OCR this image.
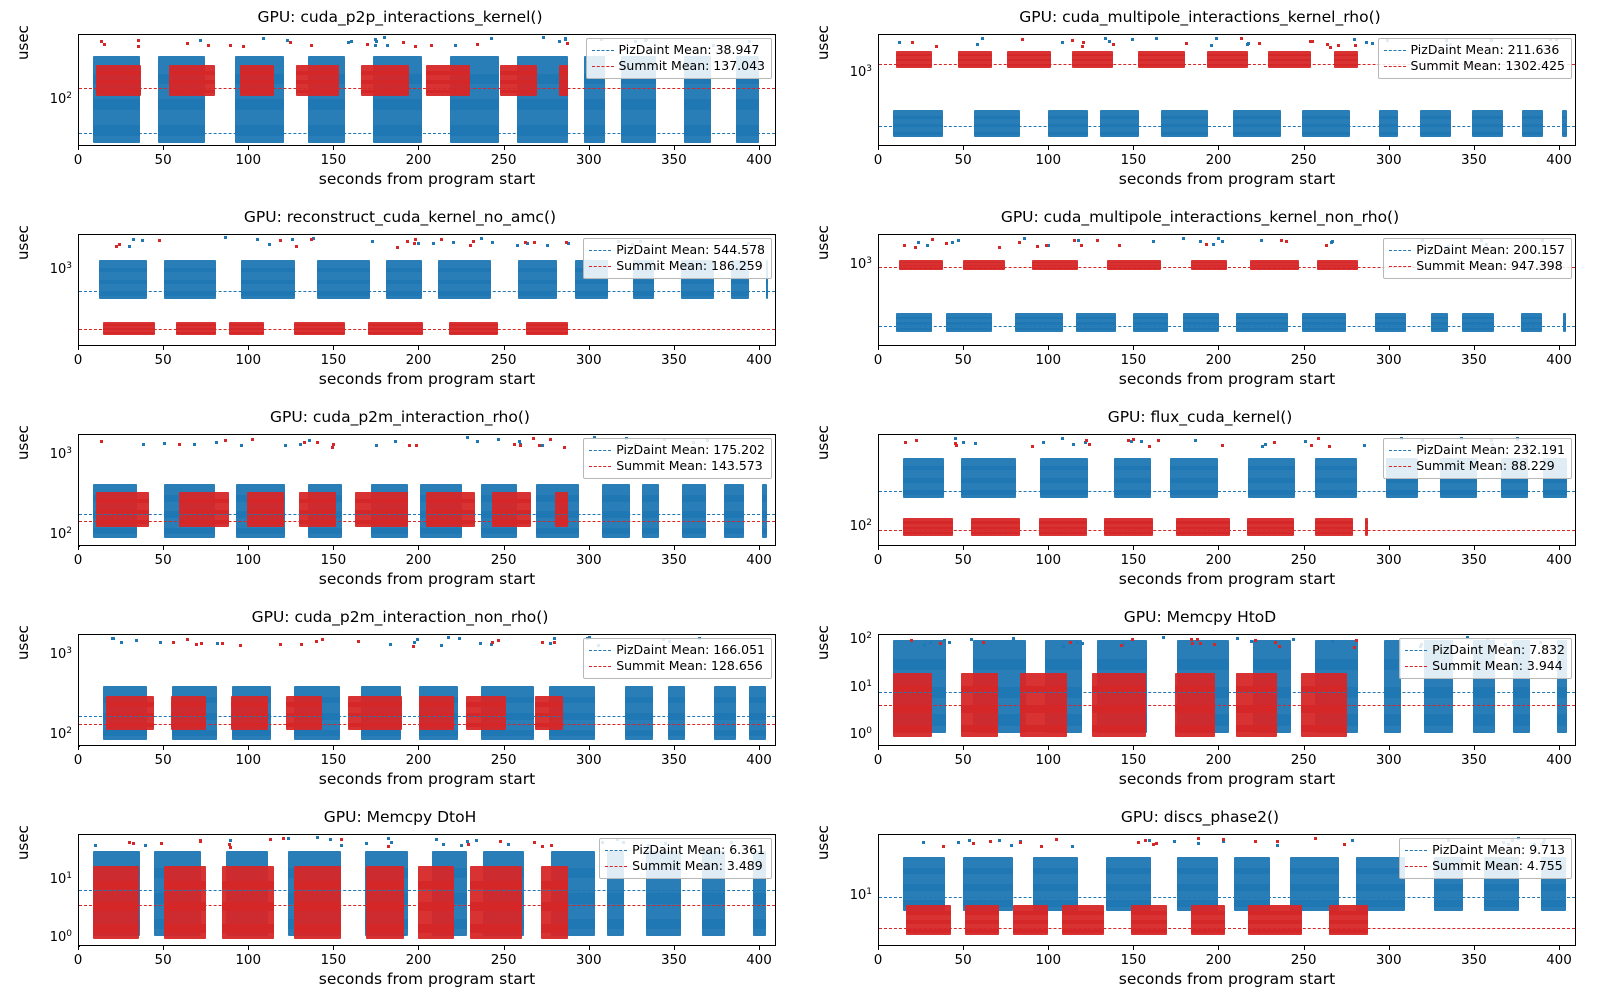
GPU: cuda_p2p_interactions_kernel()
usec
seconds from program start
0	50	100	150	200	250	300	350	400
$10^2$
PizDaint Mean: 38.947
Summit Mean: 137.043
GPU: cuda_multipole_interactions_kernel_rho()
usec
seconds from program start
0	50	100	150	200	250	300	350	400
$10^3$
PizDaint Mean: 211.636
Summit Mean: 1302.425
GPU: reconstruct_cuda_kernel_no_amc()
usec
seconds from program start
0	50	100	150	200	250	300	350	400
$10^3$
PizDaint Mean: 544.578
Summit Mean: 186.259
GPU: cuda_multipole_interactions_kernel_non_rho()
usec
seconds from program start
0	50	100	150	200	250	300	350	400
$10^3$
PizDaint Mean: 200.157
Summit Mean: 947.398
GPU: cuda_p2m_interaction_rho()
usec
seconds from program start
0	50	100	150	200	250	300	350	400
$10^3$
$10^2$
PizDaint Mean: 175.202
Summit Mean: 143.573
GPU: flux_cuda_kernel()
usec
seconds from program start
0	50	100	150	200	250	300	350	400
$10^2$
PizDaint Mean: 232.191
Summit Mean: 88.229
GPU: cuda_p2m_interaction_non_rho()
usec
seconds from program start
0	50	100	150	200	250	300	350	400
$10^3$
$10^2$
PizDaint Mean: 166.051
Summit Mean: 128.656
GPU: Memcpy HtoD
usec
seconds from program start
0	50	100	150	200	250	300	350	400
$10^2$
$10^1$
$10^0$
PizDaint Mean: 7.832
Summit Mean: 3.944
GPU: Memcpy DtoH
usec
seconds from program start
0	50	100	150	200	250	300	350	400
$10^1$
$10^0$
PizDaint Mean: 6.361
Summit Mean: 3.489
GPU: discs_phase2()
usec
seconds from program start
0	50	100	150	200	250	300	350	400
$10^1$
PizDaint Mean: 9.713
Summit Mean: 4.755
